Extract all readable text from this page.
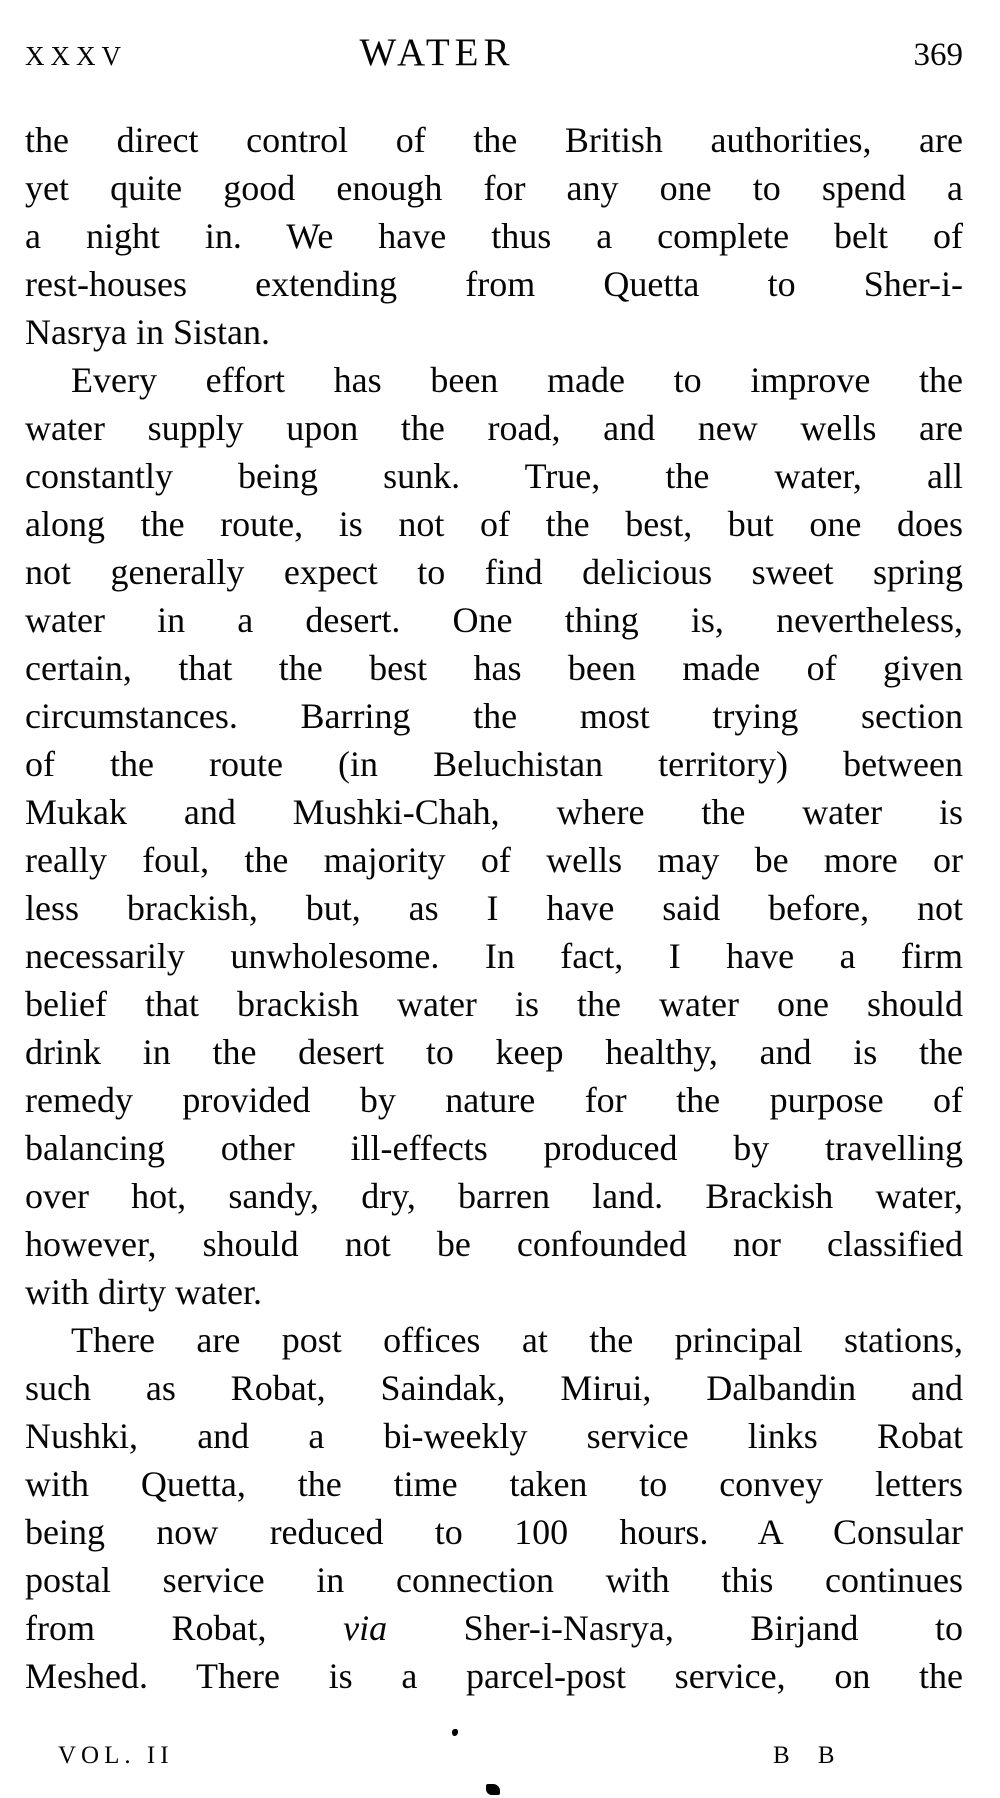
XXXV	WATER	369
the direct control of the British authorities, are
yet quite good enough for any one to spend a
a night in. We have thus a complete belt of
rest-houses extending from Quetta to Sher-i-
Nasrya in Sistan.
Every effort has been made to improve the
water supply upon the road, and new wells are
constantly being sunk. True, the water, all
along the route, is not of the best, but one does
not generally expect to find delicious sweet spring
water in a desert. One thing is, nevertheless,
certain, that the best has been made of given
circumstances. Barring the most trying section
of the route (in Beluchistan territory) between
Mukak and Mushki-Chah, where the water is
really foul, the majority of wells may be more or
less brackish, but, as I have said before, not
necessarily unwholesome. In fact, I have a firm
belief that brackish water is the water one should
drink in the desert to keep healthy, and is the
remedy provided by nature for the purpose of
balancing other ill-effects produced by travelling
over hot, sandy, dry, barren land. Brackish water,
however, should not be confounded nor classified
with dirty water.
There are post offices at the principal stations,
such as Robat, Saindak, Mirui, Dalbandin and
Nushki, and a bi-weekly service links Robat
with Quetta, the time taken to convey letters
being now reduced to 100 hours. A Consular
postal service in connection with this continues
from Robat, via Sher-i-Nasrya, Birjand to
Meshed. There is a parcel-post service, on the
VOL. II	B B
